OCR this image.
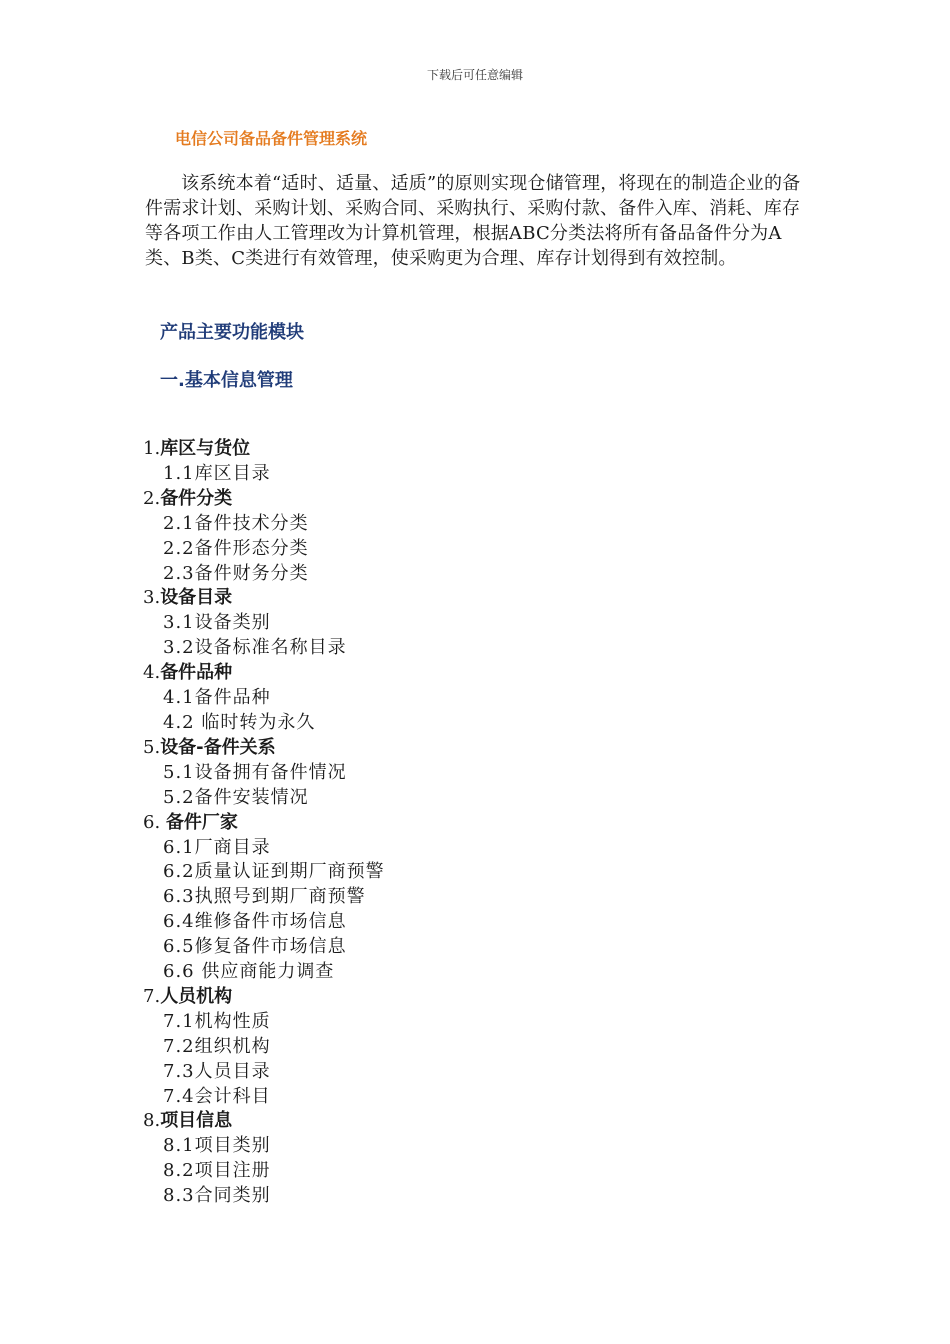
下载后可任意编辑
电信公司备品备件管理系统

该系统本着“适时、适量、适质”的原则实现仓储管理，将现在的制造企业的备件需求计划、采购计划、采购合同、采购执行、采购付款、备件入库、消耗、库存等各项工作由人工管理改为计算机管理，根据ABC分类法将所有备品备件分为A类、B类、C类进行有效管理，使采购更为合理、库存计划得到有效控制。

产品主要功能模块
一.基本信息管理
1.库区与货位
1.1库区目录
2.备件分类
2.1备件技术分类
2.2备件形态分类
2.3备件财务分类
3.设备目录
3.1设备类别
3.2设备标准名称目录
4.备件品种
4.1备件品种
4.2 临时转为永久
5.设备-备件关系
5.1设备拥有备件情况
5.2备件安装情况
6. 备件厂家
6.1厂商目录
6.2质量认证到期厂商预警
6.3执照号到期厂商预警
6.4维修备件市场信息
6.5修复备件市场信息
6.6 供应商能力调查
7.人员机构
7.1机构性质
7.2组织机构
7.3人员目录
7.4会计科目
8.项目信息
8.1项目类别
8.2项目注册
8.3合同类别
